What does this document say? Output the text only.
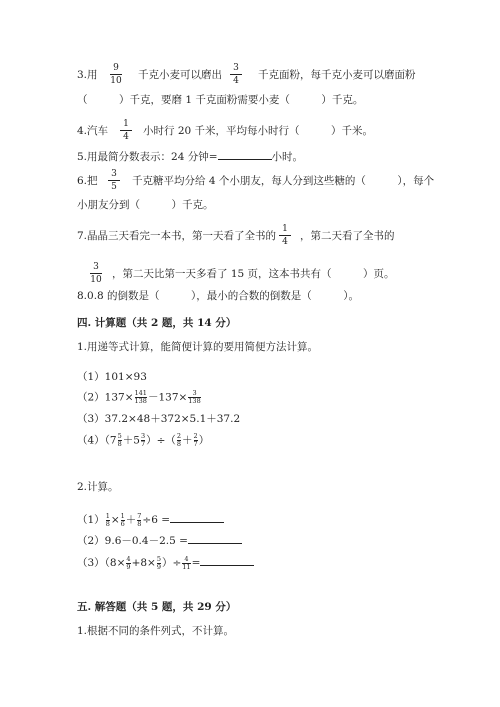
3.用
9
10 千克小麦可以磨出
3
4	千克面粉，每千克小麦可以磨面粉
（　　　）千克，要磨 1 千克面粉需要小麦（　　　）千克。
4.汽车
1
4	小时行 20 千米，平均每小时行（　　　）千米。
5.用最简分数表示：24 分钟=	小时。
6.把
3
5	千克糖平均分给 4 个小朋友，每人分到这些糖的（　　　），每个
小朋友分到（　　　）千克。
7.晶晶三天看完一本书，第一天看了全书的
1
4	，第二天看了全书的
3
10 ，第二天比第一天多看了 15 页，这本书共有（　　　）页。
8.0.8 的倒数是（　　　），最小的合数的倒数是（　　　）。
四. 计算题（共 2 题，共 14 分）
1.用递等式计算，能简便计算的要用简便方法计算。
（1）101×93
$(2)137\times \frac{141}{138} -137\times \frac{3}{138}$
（3）37.2×48＋372×5.1＋37.2
$(4)(7 \frac{5}{8} +5 \frac{3}{7}$ ）÷（ $\frac{2}{8} + \frac{2}{7}$ ）
2.计算。
$(1) \frac{1}{8} \times \frac{1}{6} + \frac{7}{8} \div 6$ =
（2）9.6－0.4－2.5 =
$(3)(8\times \frac{4}{9} +8\times \frac{5}{9}$ ）÷ $\frac{4}{11}$ =
五. 解答题（共 5 题，共 29 分）
1.根据不同的条件列式，不计算。
